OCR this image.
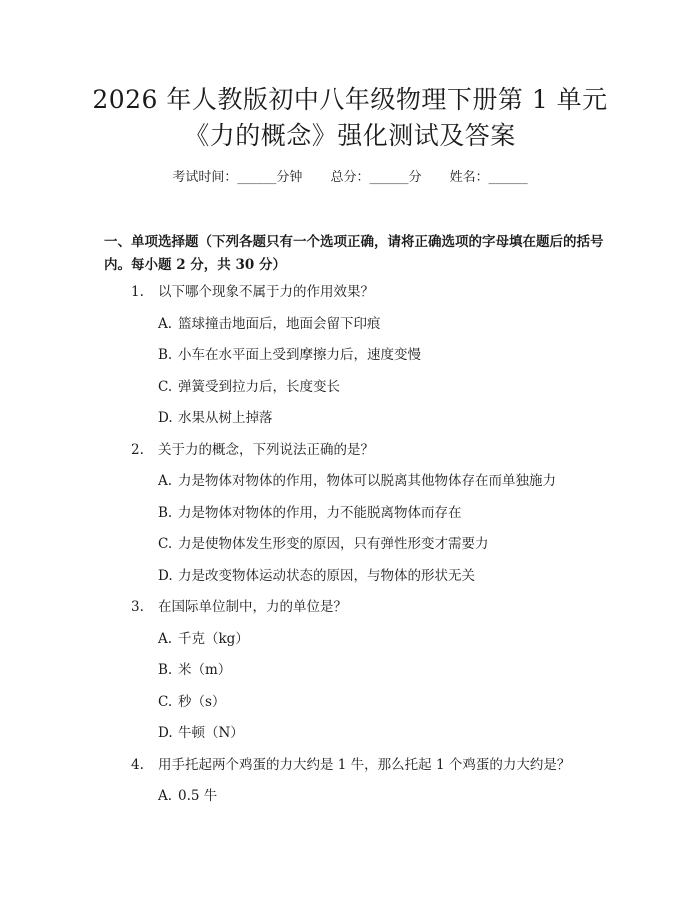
2026 年人教版初中八年级物理下册第 1 单元
《力的概念》强化测试及答案
考试时间：______分钟 总分：______分 姓名：______
一、单项选择题（下列各题只有一个选项正确，请将正确选项的字母填在题后的括号内。每小题 2 分，共 30 分）
1. 以下哪个现象不属于力的作用效果？
A. 篮球撞击地面后，地面会留下印痕
B. 小车在水平面上受到摩擦力后，速度变慢
C. 弹簧受到拉力后，长度变长
D. 水果从树上掉落
2. 关于力的概念，下列说法正确的是？
A. 力是物体对物体的作用，物体可以脱离其他物体存在而单独施力
B. 力是物体对物体的作用，力不能脱离物体而存在
C. 力是使物体发生形变的原因，只有弹性形变才需要力
D. 力是改变物体运动状态的原因，与物体的形状无关
3. 在国际单位制中，力的单位是？
A. 千克（kg）
B. 米（m）
C. 秒（s）
D. 牛顿（N）
4. 用手托起两个鸡蛋的力大约是 1 牛，那么托起 1 个鸡蛋的力大约是？
A. 0.5 牛
